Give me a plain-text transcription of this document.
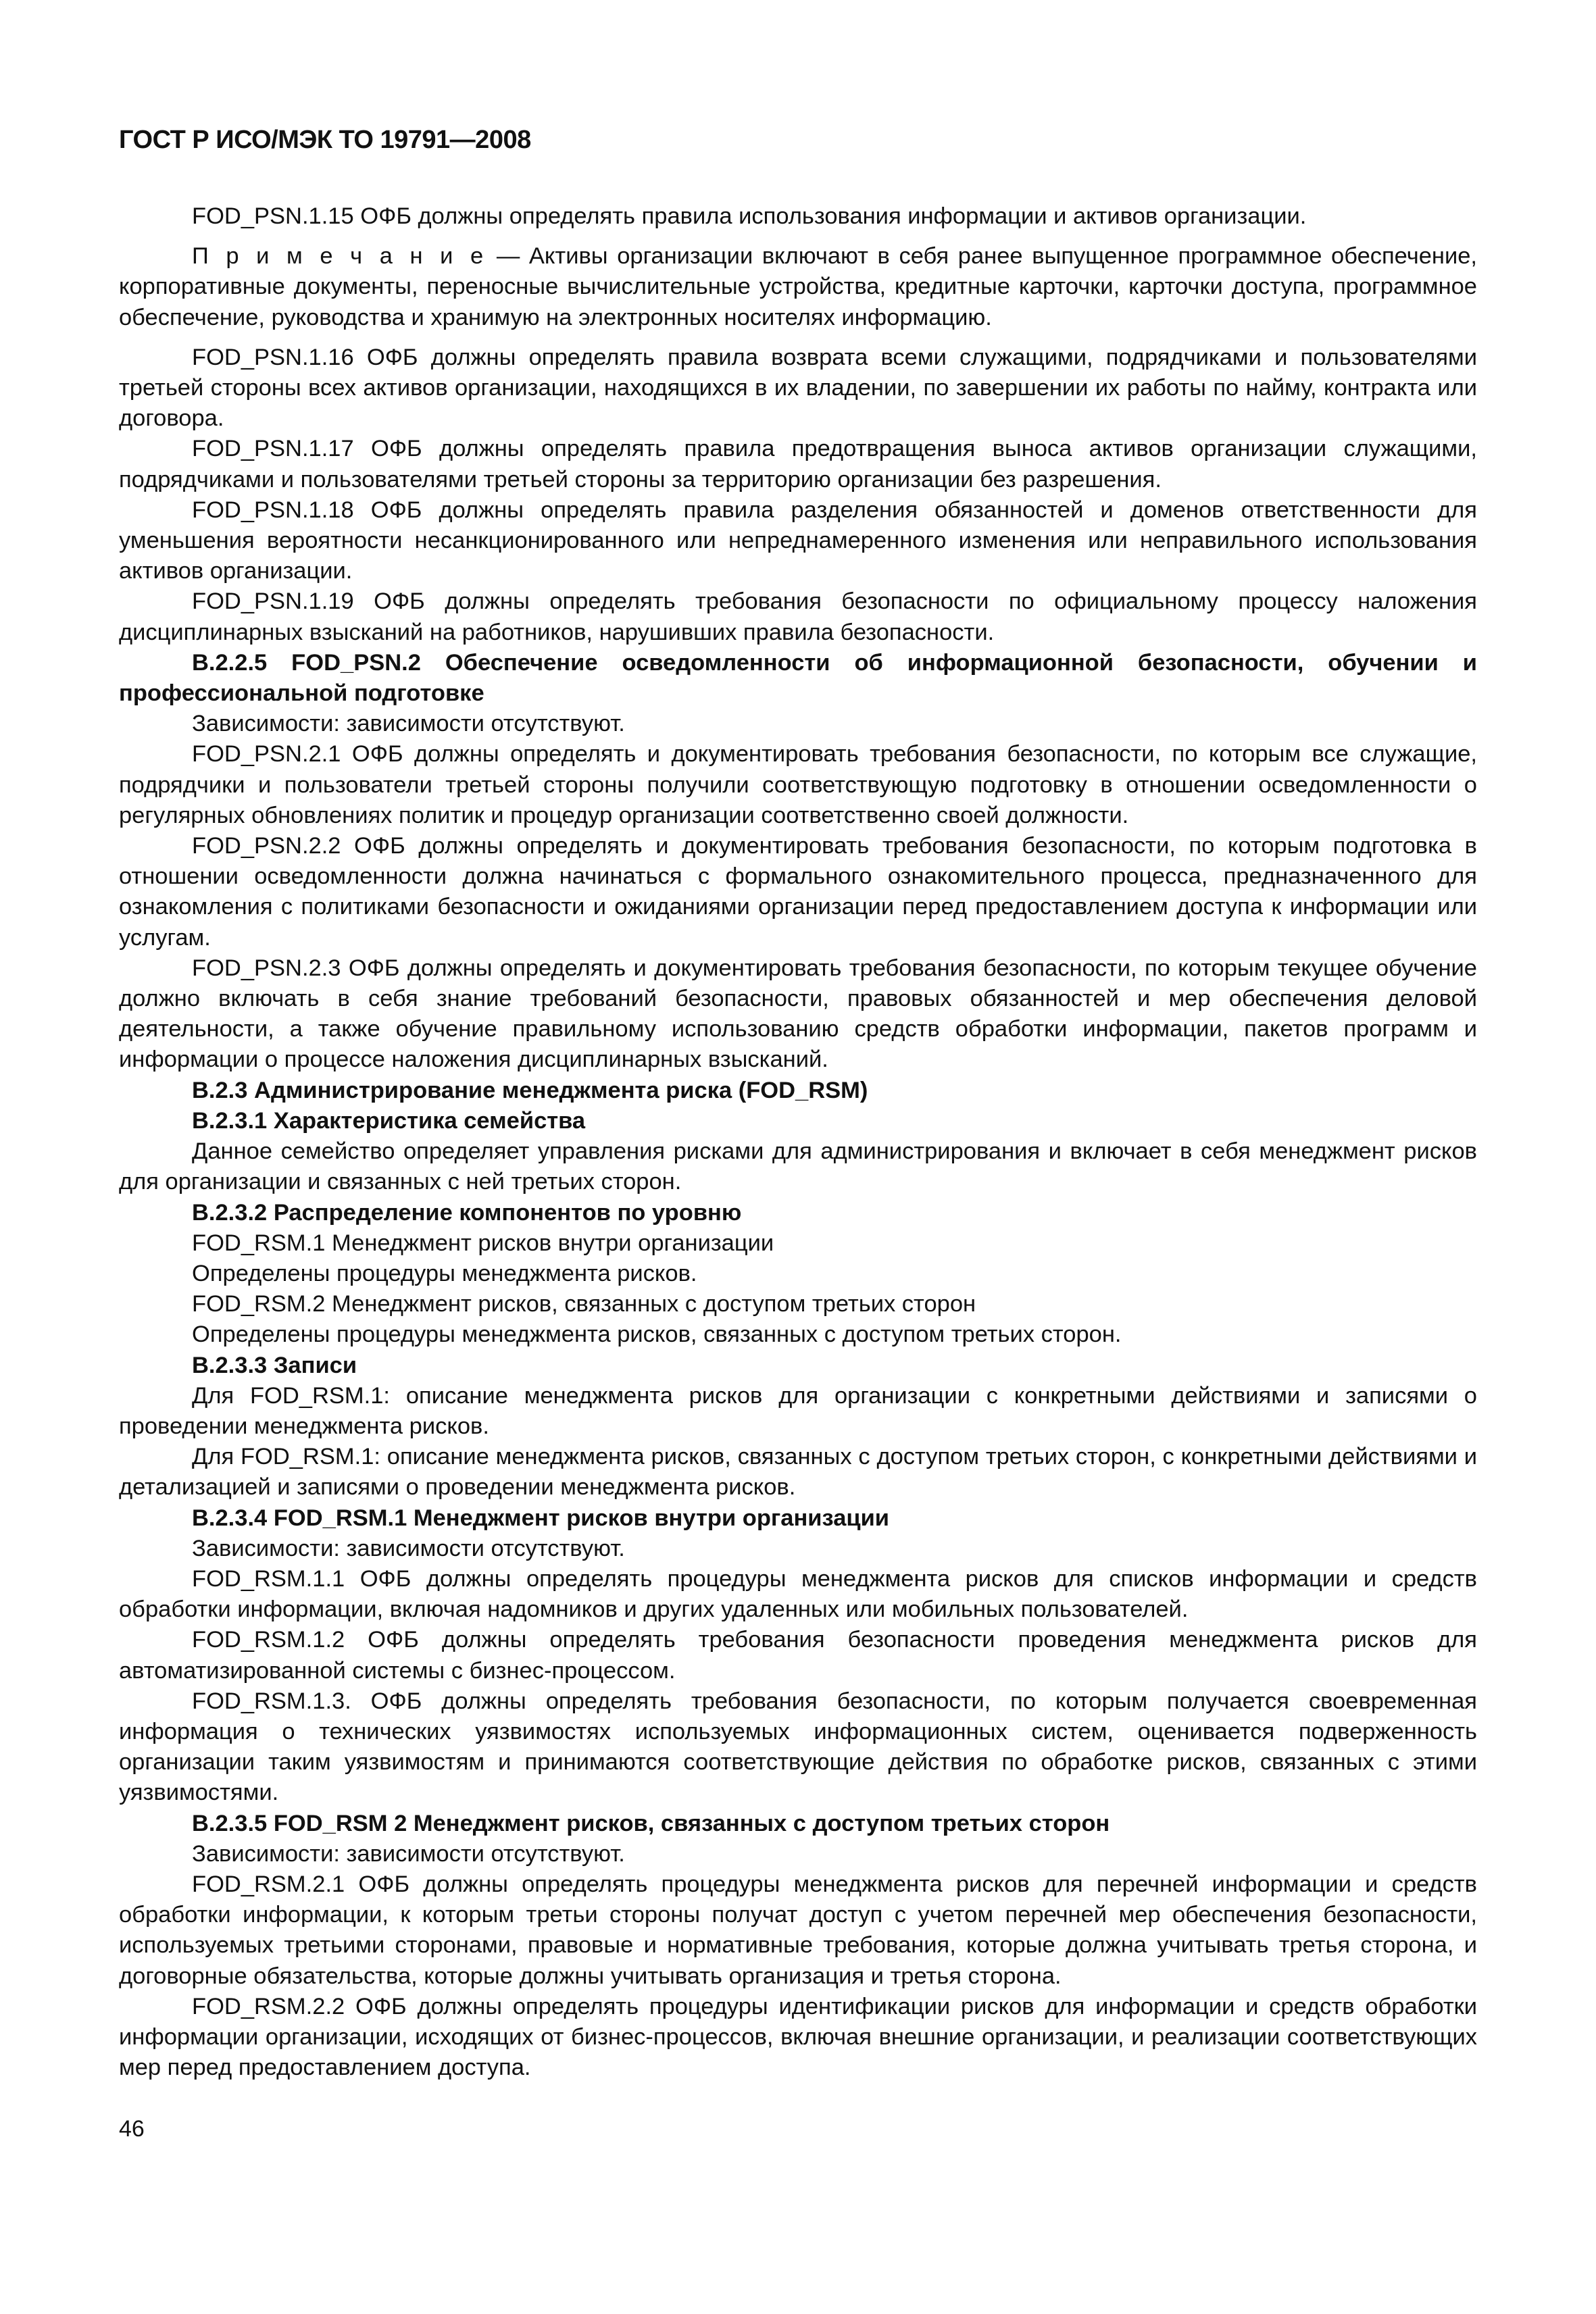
ГОСТ Р ИСО/МЭК ТО 19791—2008

FOD_PSN.1.15 ОФБ должны определять правила использования информации и активов организации.

П р и м е ч а н и е — Активы организации включают в себя ранее выпущенное программное обеспечение, корпоративные документы, переносные вычислительные устройства, кредитные карточки, карточки доступа, программное обеспечение, руководства и хранимую на электронных носителях информацию.

FOD_PSN.1.16 ОФБ должны определять правила возврата всеми служащими, подрядчиками и пользователями третьей стороны всех активов организации, находящихся в их владении, по завершении их работы по найму, контракта или договора.

FOD_PSN.1.17 ОФБ должны определять правила предотвращения выноса активов организации служащими, подрядчиками и пользователями третьей стороны за территорию организации без разрешения.

FOD_PSN.1.18 ОФБ должны определять правила разделения обязанностей и доменов ответственности для уменьшения вероятности несанкционированного или непреднамеренного изменения или неправильного использования активов организации.

FOD_PSN.1.19 ОФБ должны определять требования безопасности по официальному процессу наложения дисциплинарных взысканий на работников, нарушивших правила безопасности.

B.2.2.5 FOD_PSN.2 Обеспечение осведомленности об информационной безопасности, обучении и профессиональной подготовке

Зависимости: зависимости отсутствуют.

FOD_PSN.2.1 ОФБ должны определять и документировать требования безопасности, по которым все служащие, подрядчики и пользователи третьей стороны получили соответствующую подготовку в отношении осведомленности о регулярных обновлениях политик и процедур организации соответственно своей должности.

FOD_PSN.2.2 ОФБ должны определять и документировать требования безопасности, по которым подготовка в отношении осведомленности должна начинаться с формального ознакомительного процесса, предназначенного для ознакомления с политиками безопасности и ожиданиями организации перед предоставлением доступа к информации или услугам.

FOD_PSN.2.3 ОФБ должны определять и документировать требования безопасности, по которым текущее обучение должно включать в себя знание требований безопасности, правовых обязанностей и мер обеспечения деловой деятельности, а также обучение правильному использованию средств обработки информации, пакетов программ и информации о процессе наложения дисциплинарных взысканий.

B.2.3 Администрирование менеджмента риска (FOD_RSM)

B.2.3.1 Характеристика семейства

Данное семейство определяет управления рисками для администрирования и включает в себя менеджмент рисков для организации и связанных с ней третьих сторон.

B.2.3.2 Распределение компонентов по уровню

FOD_RSM.1 Менеджмент рисков внутри организации

Определены процедуры менеджмента рисков.

FOD_RSM.2 Менеджмент рисков, связанных с доступом третьих сторон

Определены процедуры менеджмента рисков, связанных с доступом третьих сторон.

B.2.3.3 Записи

Для FOD_RSM.1: описание менеджмента рисков для организации с конкретными действиями и записями о проведении менеджмента рисков.

Для FOD_RSM.1: описание менеджмента рисков, связанных с доступом третьих сторон, с конкретными действиями и детализацией и записями о проведении менеджмента рисков.

B.2.3.4 FOD_RSM.1 Менеджмент рисков внутри организации

Зависимости: зависимости отсутствуют.

FOD_RSM.1.1 ОФБ должны определять процедуры менеджмента рисков для списков информации и средств обработки информации, включая надомников и других удаленных или мобильных пользователей.

FOD_RSM.1.2 ОФБ должны определять требования безопасности проведения менеджмента рисков для автоматизированной системы с бизнес-процессом.

FOD_RSM.1.3. ОФБ должны определять требования безопасности, по которым получается своевременная информация о технических уязвимостях используемых информационных систем, оценивается подверженность организации таким уязвимостям и принимаются соответствующие действия по обработке рисков, связанных с этими уязвимостями.

B.2.3.5 FOD_RSM 2 Менеджмент рисков, связанных с доступом третьих сторон

Зависимости: зависимости отсутствуют.

FOD_RSM.2.1 ОФБ должны определять процедуры менеджмента рисков для перечней информации и средств обработки информации, к которым третьи стороны получат доступ с учетом перечней мер обеспечения безопасности, используемых третьими сторонами, правовые и нормативные требования, которые должна учитывать третья сторона, и договорные обязательства, которые должны учитывать организация и третья сторона.

FOD_RSM.2.2 ОФБ должны определять процедуры идентификации рисков для информации и средств обработки информации организации, исходящих от бизнес-процессов, включая внешние организации, и реализации соответствующих мер перед предоставлением доступа.

46
